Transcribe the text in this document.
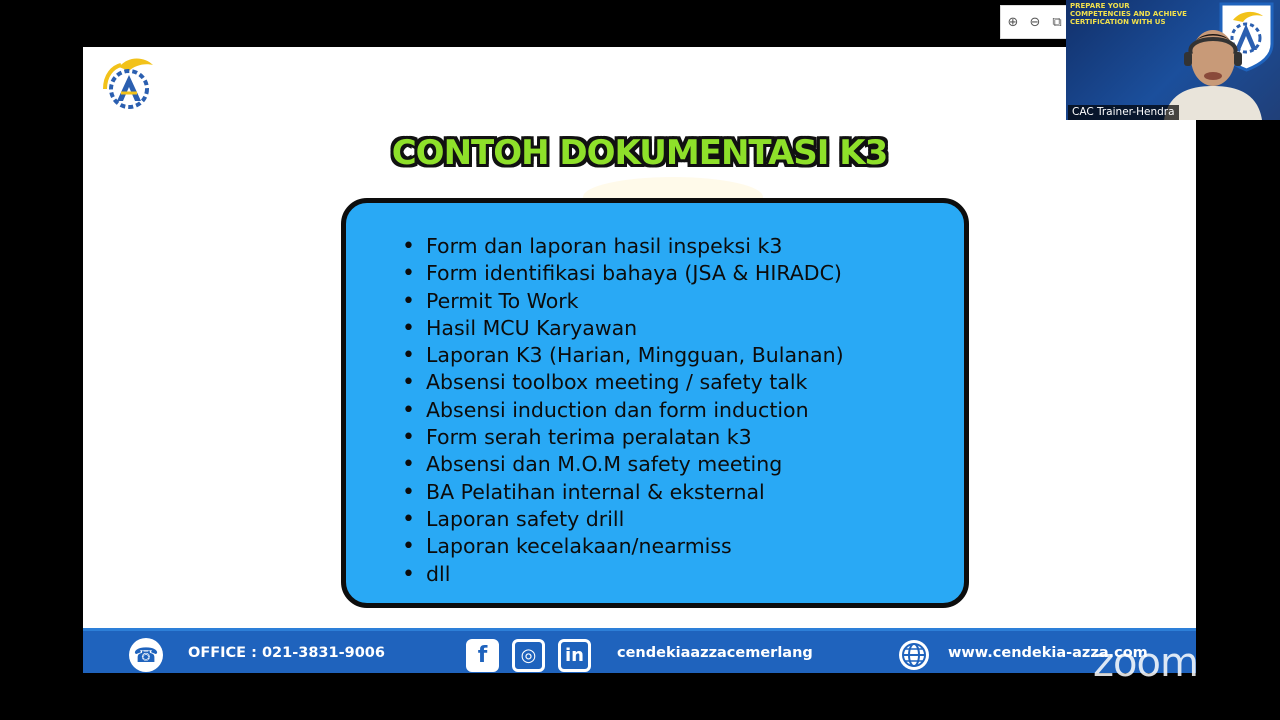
CONTOH DOKUMENTASI K3
• Form dan laporan hasil inspeksi k3
• Form identifikasi bahaya (JSA & HIRADC)
• Permit To Work
• Hasil MCU Karyawan
• Laporan K3 (Harian, Mingguan, Bulanan)
• Absensi toolbox meeting / safety talk
• Absensi induction dan form induction
• Form serah terima peralatan k3
• Absensi dan M.O.M safety meeting
• BA Pelatihan internal & eksternal
• Laporan safety drill
• Laporan kecelakaan/nearmiss
• dll
☎	OFFICE : 021-3831-9006	f	◎	in	cendekiaazzacemerlang	www.cendekia-azza.com
⊕ ⊖ ⧉
PREPARE YOUR
COMPETENCIES AND ACHIEVE
CERTIFICATION WITH US
CAC Trainer-Hendra
zoom
